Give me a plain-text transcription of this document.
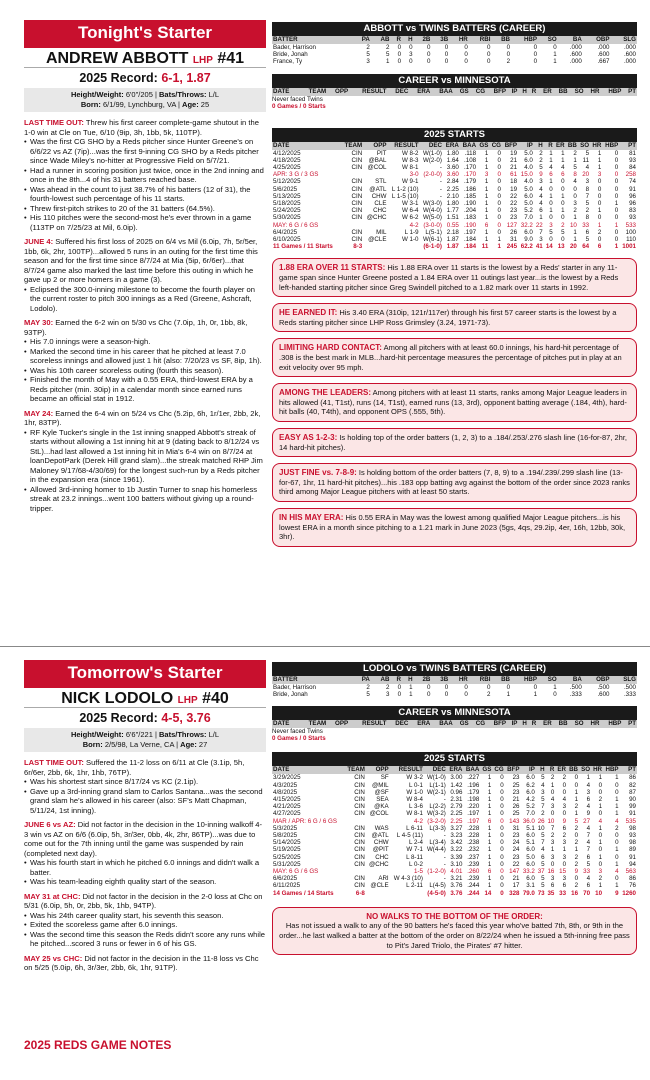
Tonight's Starter
ANDREW ABBOTT LHP #41
2025 Record: 6-1, 1.87
Height/Weight: 6'0"/205 | Bats/Throws: L/L
Born: 6/1/99, Lynchburg, VA | Age: 25
LAST TIME OUT: Threw his first career complete-game shutout in the 1-0 win at Cle on Tue, 6/10 (9ip, 3h, 1bb, 5k, 110TP).
• Was the first CG SHO by a Reds pitcher since Hunter Greene's on 6/6/22 vs AZ (7ip)...was the first 9-inning CG SHO by a Reds pitcher since Wade Miley's no-hitter at Progressive Field on 5/7/21.
• Had a runner in scoring position just twice, once in the 2nd inning and once in the 8th...4 of his 31 batters reached base.
• Was ahead in the count to just 38.7% of his batters (12 of 31), the fourth-lowest such percentage of his 11 starts.
• Threw first-pitch strikes to 20 of the 31 batters (64.5%).
• His 110 pitches were the second-most he's ever thrown in a game (113TP on 7/25/23 at Mil, 6.0ip).
JUNE 4: Suffered his first loss of 2025 on 6/4 vs Mil (6.0ip, 7h, 5r/5er, 1bb, 6k, 2hr, 100TP)...allowed 5 runs in an outing for the first time this season and for the first time since 8/7/24 at Mia (5ip, 6r/6er)...that 8/7/24 game also marked the last time before this outing in which he gave up 2 or more homers in a game (3).
• Eclipsed the 300.0-inning milestone to become the fourth player on the current roster to pitch 300 innings as a Red (Greene, Ashcraft, Lodolo).
MAY 30: Earned the 6-2 win on 5/30 vs Chc (7.0ip, 1h, 0r, 1bb, 8k, 93TP).
• His 7.0 innings were a season-high.
• Marked the second time in his career that he pitched at least 7.0 scoreless innings and allowed just 1 hit (also: 7/20/23 vs SF, 8ip, 1h).
• Was his 10th career scoreless outing (fourth this season).
• Finished the month of May with a 0.55 ERA, third-lowest ERA by a Reds pitcher (min. 30ip) in a calendar month since earned runs became an official stat in 1912.
MAY 24: Earned the 6-4 win on 5/24 vs Chc (5.2ip, 6h, 1r/1er, 2bb, 2k, 1hr, 83TP).
• RF Kyle Tucker's single in the 1st inning snapped Abbott's streak of starts without allowing a 1st inning hit at 9 (dating back to 8/12/24 vs StL)...had last allowed a 1st inning hit in Mia's 6-4 win on 8/7/24 at loanDepotPark (Derek Hill grand slam)...the streak matched RHP Jim Maloney 9/17/68-4/30/69) for the longest such-run by a Reds pitcher in the expansion era (since 1961).
• Allowed 3rd-inning homer to 1b Justin Turner to snap his homerless streak at 23.2 innings...went 100 batters without giving up a round-tripper.
ABBOTT vs TWINS BATTERS (CAREER)
BATTER	PA	AB	R	H	2B	3B	HR	RBI	BB	HBP	SO	BA	OBP	SLG
Bader, Harrison	2	2	0	0	0	0	0	0	0	0	0	.000	.000	.000
Bride, Jonah	5	5	0	3	0	0	0	0	0	0	1	.600	.600	.600
France, Ty	3	1	0	0	0	0	0	0	2	0	1	.000	.667	.000
CAREER vs MINNESOTA
DATE	TEAM	OPP	RESULT	DEC	ERA	BAA	GS	CG	BFP	IP	H	R	ER	BB	SO	HR	HBP	PT
Never faced Twins
0 Games / 0 Starts
2025 STARTS
DATE	TEAM	OPP	RESULT	DEC	ERA	BAA	GS	CG	BFP	IP	H	R	ER	BB	SO	HR	HBP	PT
4/12/2025	CIN	PIT	W 8-2	W(1-0)	1.80	.118	1	0	19	5.0	2	1	1	2	5	1	0	81
4/18/2025	CIN	@BAL	W 8-3	W(2-0)	1.64	.108	1	0	21	6.0	2	1	1	1	11	1	0	93
4/25/2025	CIN	@COL	W 8-1	-	3.60	.170	1	0	21	4.0	5	4	4	5	4	1	0	84
APR: 3 G / 3 GS			3-0	(2-0-0)	3.60	.170	3	0	61	15.0	9	6	6	8	20	3	0	258
5/12/2025	CIN	STL	W 9-1	-	2.84	.179	1	0	18	4.0	3	1	0	4	3	0	0	74
5/6/2025	CIN	@ATL	L 1-2 (10)	-	2.25	.186	1	0	19	5.0	4	0	0	0	8	0	0	91
5/13/2025	CIN	CHW	L 1-5 (10)	-	2.10	.185	1	0	22	6.0	4	1	1	0	7	0	0	96
5/18/2025	CIN	CLE	W 3-1	W(3-0)	1.80	.190	1	0	22	5.0	4	0	0	3	5	0	1	96
5/24/2025	CIN	CHC	W 6-4	W(4-0)	1.77	.204	1	0	23	5.2	6	1	1	2	2	1	0	83
5/30/2025	CIN	@CHC	W 6-2	W(5-0)	1.51	.183	1	0	23	7.0	1	0	0	1	8	0	0	93
MAY: 6 G / 6 GS			4-2	(3-0-0)	0.55	.190	6	0	127	32.2	22	3	2	10	33	1	1	533
6/4/2025	CIN	MIL	L 1-9	L(5-1)	2.18	.197	1	0	26	6.0	7	5	5	1	6	2	0	100
6/10/2025	CIN	@CLE	W 1-0	W(6-1)	1.87	.184	1	1	31	9.0	3	0	0	1	5	0	0	110
11 Games / 11 Starts	8-3			(6-1-0)	1.87	.184	11	1	245	62.2	41	14	13	20	64	6	1	1001
1.88 ERA OVER 11 STARTS: His 1.88 ERA over 11 starts is the lowest by a Reds' starter in any 11-game span since Hunter Greene posted a 1.84 ERA over 11 outings last year...is the lowest by a Reds left-handed starting pitcher since Greg Swindell pitched to a 1.82 mark over 11 starts in 1992.
HE EARNED IT: His 3.40 ERA (310ip, 121r/117er) through his first 57 career starts is the lowest by a Reds starting pitcher since LHP Ross Grimsley (3.24, 1971-73).
LIMITING HARD CONTACT: Among all pitchers with at least 60.0 innings, his hard-hit percentage of .308 is the best mark in MLB...hard-hit percentage measures the percentage of pitches put in play at an exit velocity over 95 mph.
AMONG THE LEADERS: Among pitchers with at least 11 starts, ranks among Major League leaders in hits allowed (41, T1st), runs (14, T1st), earned runs (13, 3rd), opponent batting average (.184, 4th), hard-hit balls (40, T4th), and opponent OPS (.555, 5th).
EASY AS 1-2-3: Is holding top of the order batters (1, 2, 3) to a .184/.253/.276 slash line (16-for-87, 2hr, 14 hard-hit pitches).
JUST FINE vs. 7-8-9: Is holding bottom of the order batters (7, 8, 9) to a .194/.239/.299 slash line (13-for-67, 1hr, 11 hard-hit pitches)...his .183 opp batting avg against the bottom of the order since 2023 ranks third among Major League pitchers with at least 50 starts.
IN HIS MAY ERA: His 0.55 ERA in May was the lowest among qualified Major League pitchers...is his lowest ERA in a month since pitching to a 1.21 mark in June 2023 (5gs, 4qs, 29.2ip, 4er, 16h, 12bb, 30k, 3hr).
Tomorrow's Starter
NICK LODOLO LHP #40
2025 Record: 4-5, 3.76
Height/Weight: 6'6"/221 | Bats/Throws: L/L
Born: 2/5/98, La Verne, CA | Age: 27
LAST TIME OUT: Suffered the 11-2 loss on 6/11 at Cle (3.1ip, 5h, 6r/6er, 2bb, 6k, 1hr, 1hb, 76TP).
• Was his shortest start since 8/17/24 vs KC (2.1ip).
• Gave up a 3rd-inning grand slam to Carlos Santana...was the second grand slam he's allowed in his career (also: SF's Matt Chapman, 5/11/24, 1st inning).
JUNE 6 vs AZ: Did not factor in the decision in the 10-inning walkoff 4-3 win vs AZ on 6/6 (6.0ip, 5h, 3r/3er, 0bb, 4k, 2hr, 86TP)...was due to come out for the 7th inning until the game was suspended by rain (completed next day).
• Was his fourth start in which he pitched 6.0 innings and didn't walk a batter.
• Was his team-leading eighth quality start of the season.
MAY 31 at CHC: Did not factor in the decision in the 2-0 loss at Chc on 5/31 (6.0ip, 5h, 0r, 2bb, 5k, 1hb, 94TP).
• Was his 24th career quality start, his seventh this season.
• Exited the scoreless game after 6.0 innings.
• Was the second time this season the Reds didn't score any runs while he pitched...scored 3 runs or fewer in 6 of his GS.
MAY 25 vs CHC: Did not factor in the decision in the 11-8 loss vs Chc on 5/25 (5.0ip, 6h, 3r/3er, 2bb, 6k, 1hr, 91TP).
LODOLO vs TWINS BATTERS (CAREER)
BATTER	PA	AB	R	H	2B	3B	HR	RBI	BB	HBP	SO	BA	OBP	SLG
Bader, Harrison	2	2	0	1	0	0	0	0	0	0	1	.500	.500	.500
Bride, Jonah	5	3	0	1	0	0	0	2	1	1	0	.333	.600	.333
CAREER vs MINNESOTA
DATE	TEAM	OPP	RESULT	DEC	ERA	BAA	GS	CG	BFP	IP	H	R	ER	BB	SO	HR	HBP	PT
Never faced Twins
0 Games / 0 Starts
2025 STARTS
DATE	TEAM	OPP	RESULT	DEC	ERA	BAA	GS	CG	BFP	IP	H	R	ER	BB	SO	HR	HBP	PT
3/29/2025	CIN	SF	W 3-2	W(1-0)	3.00	.227	1	0	23	6.0	5	2	2	0	1	1	1	86
4/3/2025	CIN	@MIL	L 0-1	L(1-1)	1.42	.196	1	0	25	6.2	4	1	0	0	4	0	0	82
4/8/2025	CIN	@SF	W 1-0	W(2-1)	0.96	.179	1	0	23	6.0	3	0	0	1	3	0	0	87
4/15/2025	CIN	SEA	W 8-4	-	2.31	.198	1	0	21	4.2	5	4	4	1	6	2	1	90
4/21/2025	CIN	@KA	L 3-6	L(2-2)	2.79	.220	1	0	26	5.2	7	3	3	2	4	1	1	99
4/27/2025	CIN	@COL	W 8-1	W(3-2)	2.25	.197	1	0	25	7.0	2	0	0	1	9	0	1	91
MAR / APR: 6 G / 6 GS			4-2	(3-2-0)	2.25	.197	6	0	143	36.0	26	10	9	5	27	4	4	535
5/3/2025	CIN	WAS	L 6-11	L(3-3)	3.27	.228	1	0	31	5.1	10	7	6	2	4	1	2	98
5/8/2025	CIN	@ATL	L 4-5 (11)	-	3.23	.228	1	0	23	6.0	5	2	2	0	7	0	0	93
5/14/2025	CIN	CHW	L 2-4	L(3-4)	3.42	.238	1	0	24	5.1	7	3	3	2	4	1	0	98
5/19/2025	CIN	@PIT	W 7-1	W(4-4)	3.22	.232	1	0	24	6.0	4	1	1	1	7	0	1	89
5/25/2025	CIN	CHC	L 8-11	-	3.39	.237	1	0	23	5.0	6	3	3	2	6	1	0	91
5/31/2025	CIN	@CHC	L 0-2	-	3.10	.239	1	0	22	6.0	5	0	0	2	5	0	1	94
MAY: 6 G / 6 GS			1-5	(1-2-0)	4.01	.260	6	0	147	33.2	37	16	15	9	33	3	4	563
6/6/2025	CIN	ARI	W 4-3 (10)	-	3.21	.239	1	0	21	6.0	5	3	3	0	4	2	0	86
6/11/2025	CIN	@CLE	L 2-11	L(4-5)	3.76	.244	1	0	17	3.1	5	6	6	2	6	1	1	76
14 Games / 14 Starts	6-8			(4-5-0)	3.76	.244	14	0	328	79.0	73	35	33	16	70	10	9	1260
NO WALKS TO THE BOTTOM OF THE ORDER:
Has not issued a walk to any of the 90 batters he's faced this year who've batted 7th, 8th, or 9th in the order...he last walked a batter at the bottom of the order on 8/22/24 when he issued a 5th-inning free pass to Pit's Jared Triolo, the Pirates' #7 hitter.
2025 REDS GAME NOTES
